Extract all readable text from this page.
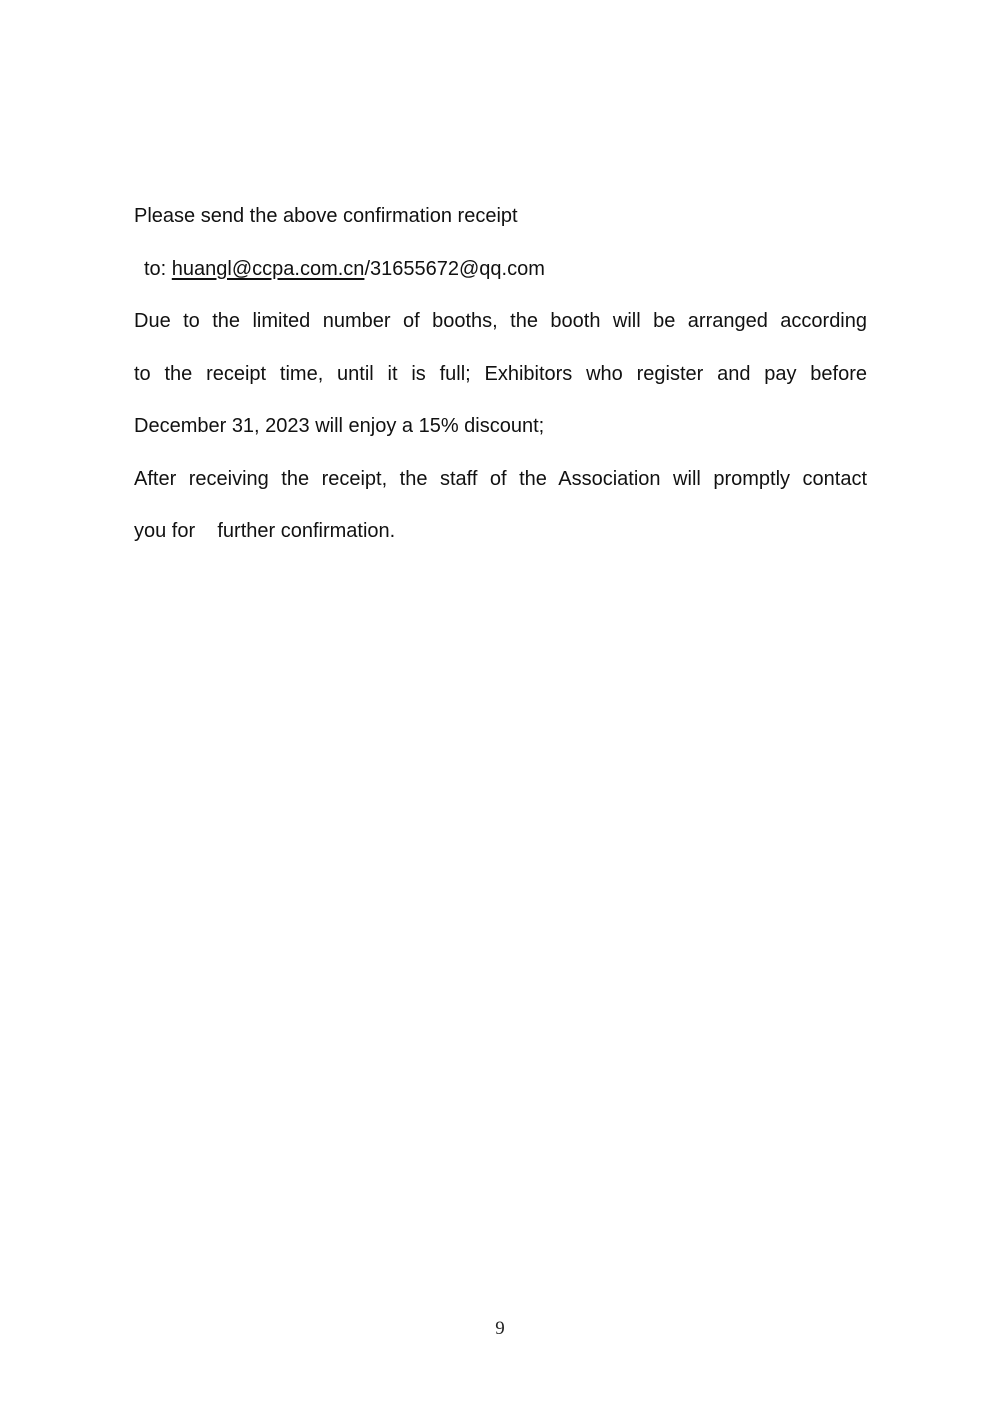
Please send the above confirmation receipt
to: huangl@ccpa.com.cn/31655672@qq.com
Due to the limited number of booths, the booth will be arranged according
to the receipt time, until it is full; Exhibitors who register and pay before
December 31, 2023 will enjoy a 15% discount;
After receiving the receipt, the staff of the Association will promptly contact
you for    further confirmation.
9
